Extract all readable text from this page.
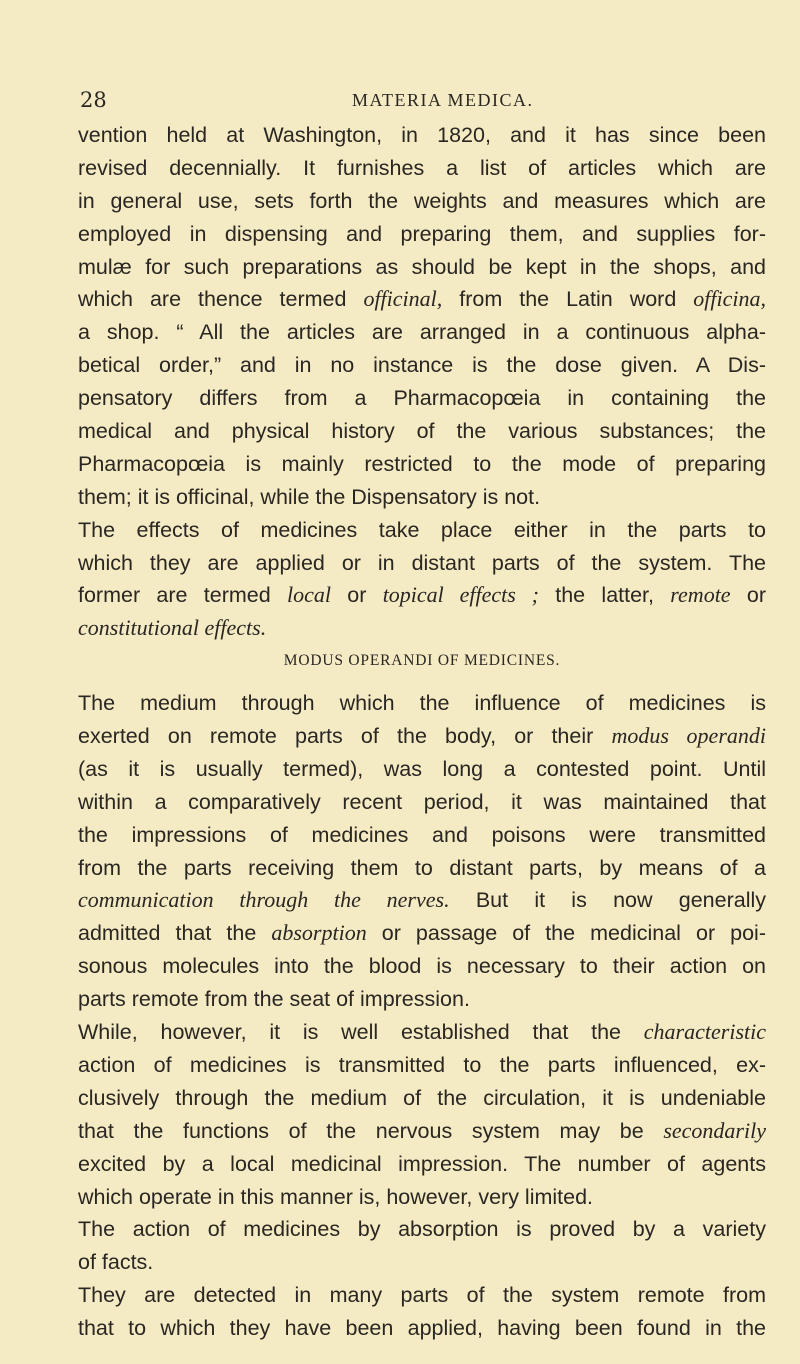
28	MATERIA MEDICA.
vention held at Washington, in 1820, and it has since been
revised decennially. It furnishes a list of articles which are
in general use, sets forth the weights and measures which are
employed in dispensing and preparing them, and supplies for-
mulæ for such preparations as should be kept in the shops, and
which are thence termed officinal, from the Latin word officina,
a shop. “ All the articles are arranged in a continuous alpha-
betical order,” and in no instance is the dose given. A Dis-
pensatory differs from a Pharmacopœia in containing the
medical and physical history of the various substances; the
Pharmacopœia is mainly restricted to the mode of preparing
them; it is officinal, while the Dispensatory is not.
The effects of medicines take place either in the parts to
which they are applied or in distant parts of the system. The
former are termed local or topical effects ; the latter, remote or
constitutional effects.
MODUS OPERANDI OF MEDICINES.
The medium through which the influence of medicines is
exerted on remote parts of the body, or their modus operandi
(as it is usually termed), was long a contested point. Until
within a comparatively recent period, it was maintained that
the impressions of medicines and poisons were transmitted
from the parts receiving them to distant parts, by means of a
communication through the nerves. But it is now generally
admitted that the absorption or passage of the medicinal or poi-
sonous molecules into the blood is necessary to their action on
parts remote from the seat of impression.
While, however, it is well established that the characteristic
action of medicines is transmitted to the parts influenced, ex-
clusively through the medium of the circulation, it is undeniable
that the functions of the nervous system may be secondarily
excited by a local medicinal impression. The number of agents
which operate in this manner is, however, very limited.
The action of medicines by absorption is proved by a variety
of facts.
They are detected in many parts of the system remote from
that to which they have been applied, having been found in the
